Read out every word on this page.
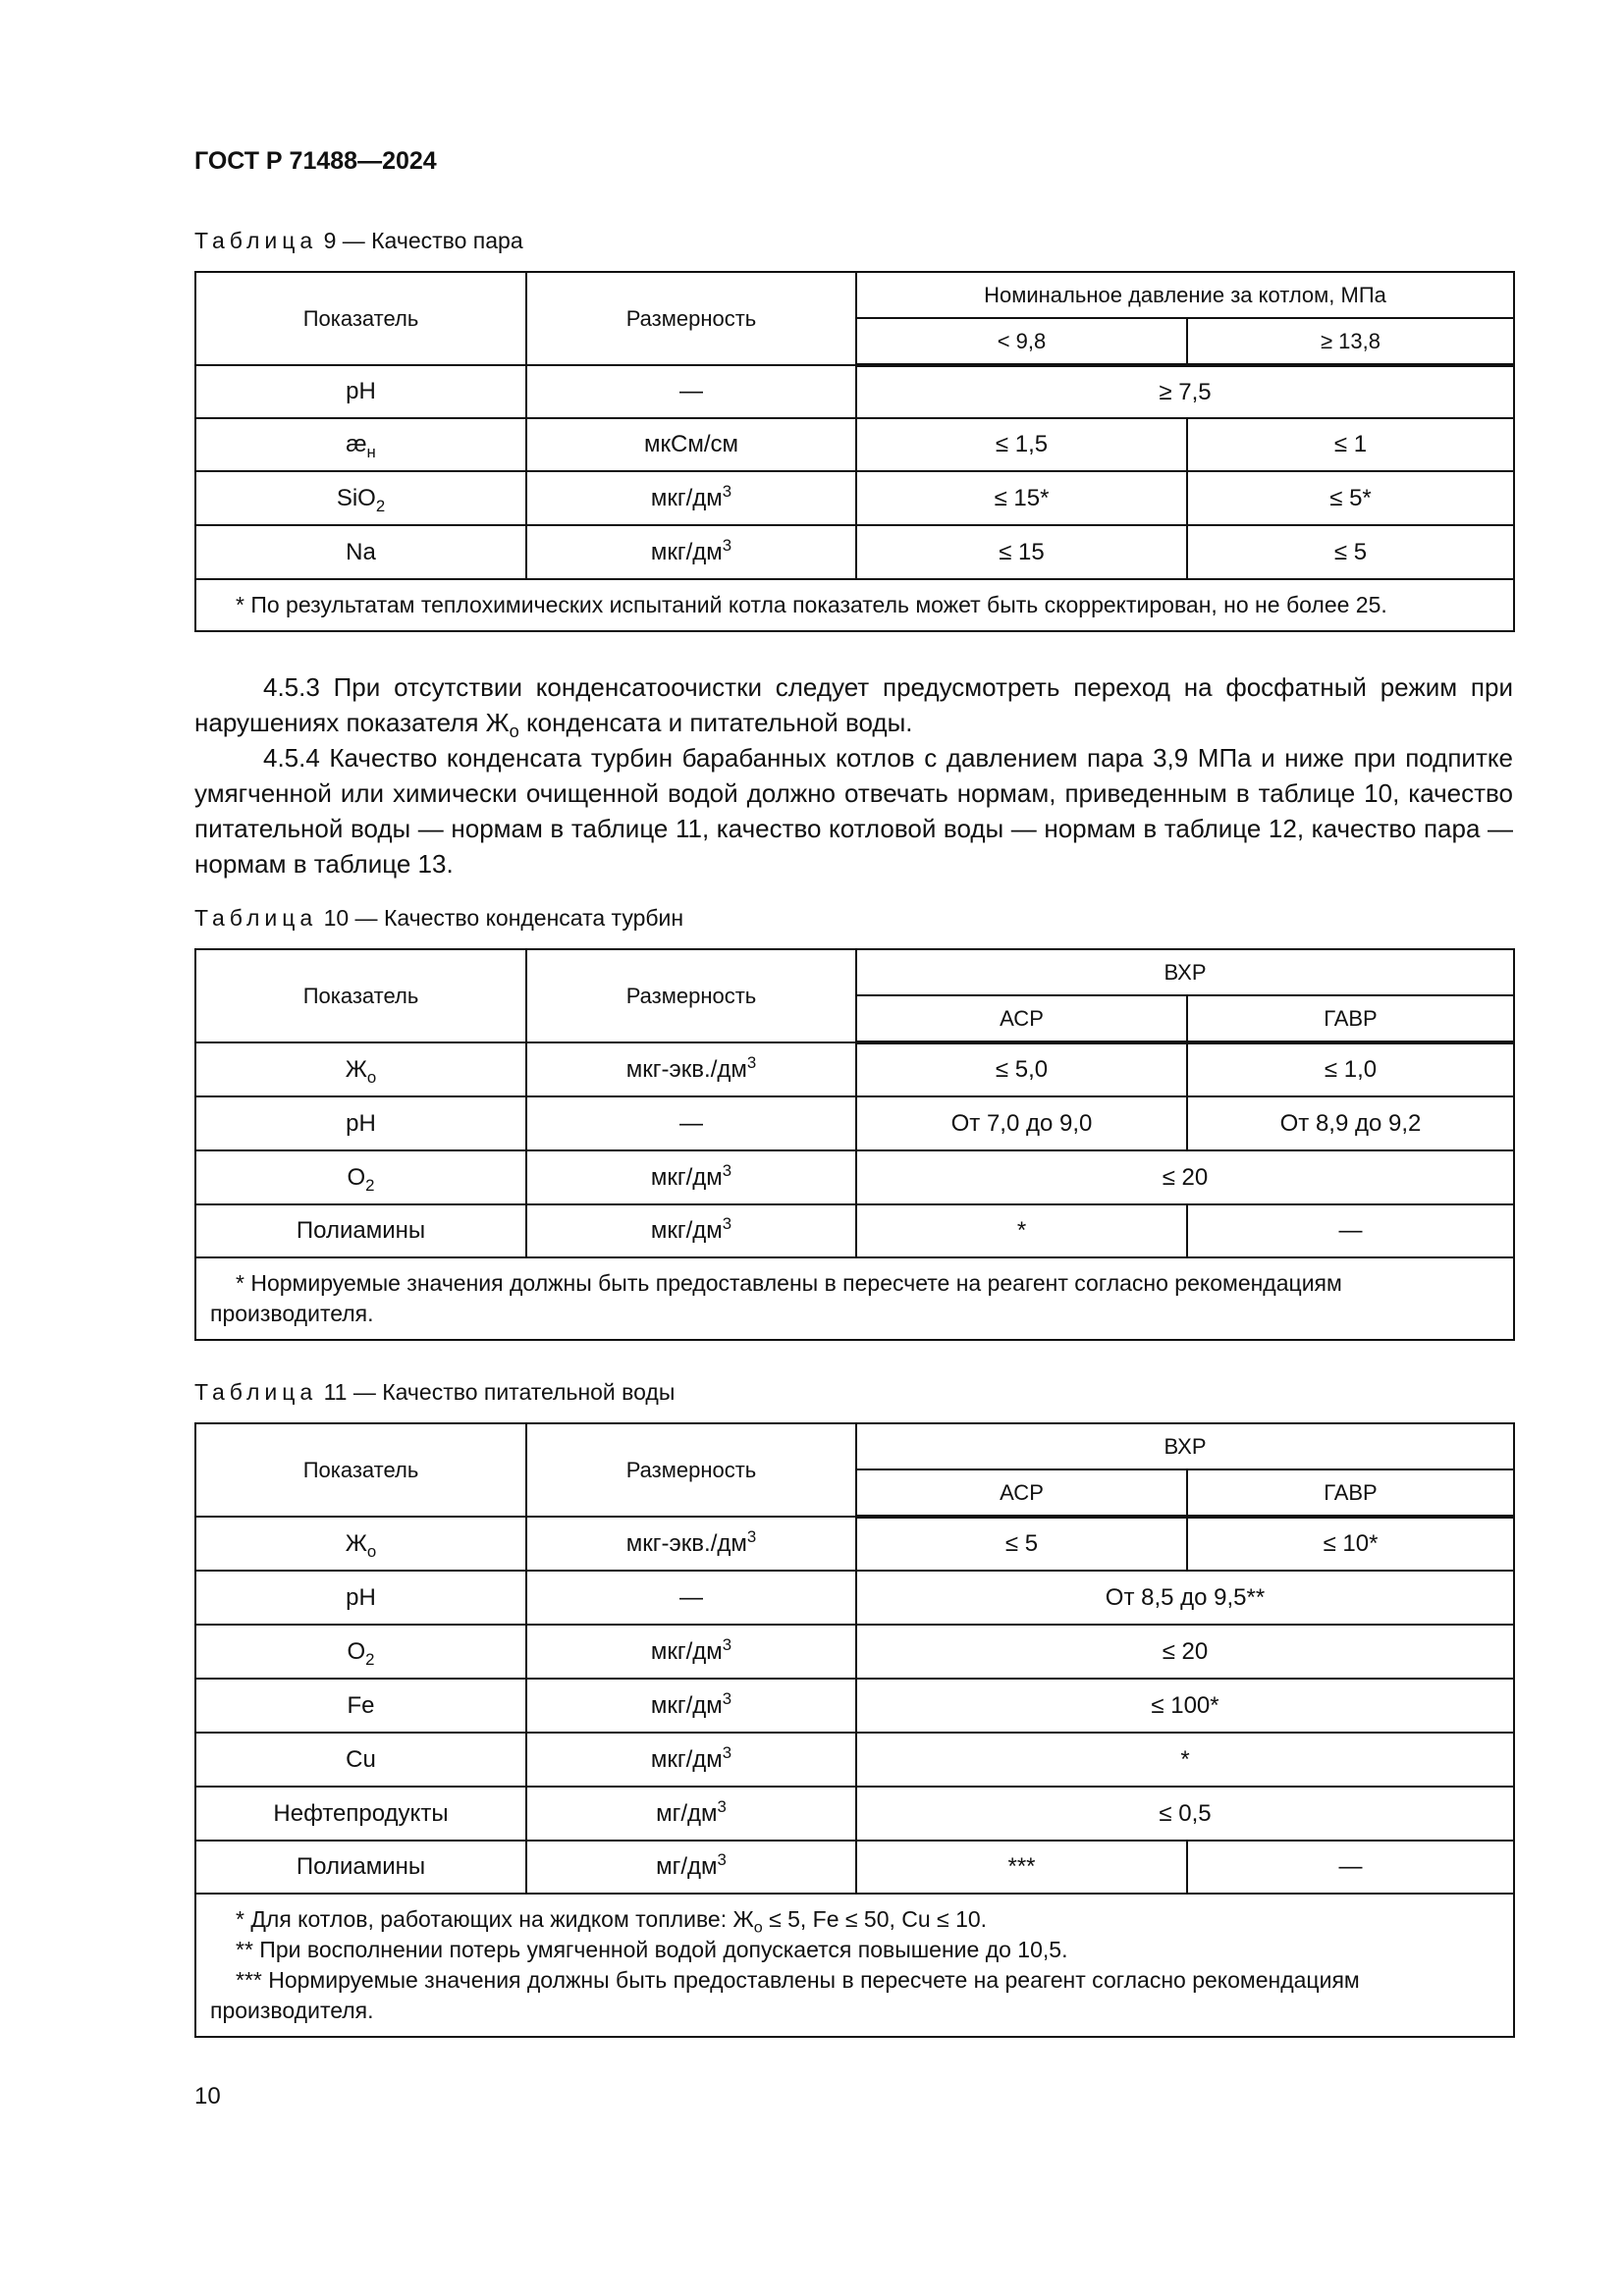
ГОСТ Р 71488—2024
Таблица 9 — Качество пара
Показатель	Размерность	Номинальное давление за котлом, МПа	
		< 9,8	≥ 13,8
pH	—	≥ 7,5	
$æ_н$	мкСм/см	≤ 1,5	≤ 1
SiO$_2$	мкг/$дм^3$	≤ 15*	≤ 5*
Na	мкг/$дм^3$	≤ 15	≤ 5
* По результатам теплохимических испытаний котла показатель может быть скорректирован, но не более 25.			

4.5.3 При отсутствии конденсатоочистки следует предусмотреть переход на фосфатный режим при нарушениях показателя $Ж_о$ конденсата и питательной воды.

4.5.4 Качество конденсата турбин барабанных котлов с давлением пара 3,9 МПа и ниже при подпитке умягченной или химически очищенной водой должно отвечать нормам, приведенным в таблице 10, качество питательной воды — нормам в таблице 11, качество котловой воды — нормам в таблице 12, качество пара — нормам в таблице 13.

Таблица 10 — Качество конденсата турбин
Показатель	Размерность	ВХР	
		АСР	ГАВР
$Ж_о$	мкг-$экв./дм^3$	≤ 5,0	≤ 1,0
pH	—	От 7,0 до 9,0	От 8,9 до 9,2
$O_2$	мкг/$дм^3$	≤ 20	
Полиамины	мкг/$дм^3$	*	—
* Нормируемые значения должны быть предоставлены в пересчете на реагент согласно рекомендациям производителя.			
Таблица 11 — Качество питательной воды
Показатель	Размерность	ВХР	
		АСР	ГАВР
$Ж_о$	мкг-$экв./дм^3$	≤ 5	≤ 10*
pH	—	От 8,5 до 9,5**	
$O_2$	мкг/$дм^3$	≤ 20	
Fe	мкг/$дм^3$	≤ 100*	
Cu	мкг/$дм^3$	*	
Нефтепродукты	$мг/дм^3$	≤ 0,5	
Полиамины	$мг/дм^3$	***	—

* Для котлов, работающих на жидком топливе: $Ж_о \le 5$, Fe ≤ 50, Cu ≤ 10.
** При восполнении потерь умягченной водой допускается повышение до 10,5.
*** Нормируемые значения должны быть предоставлены в пересчете на реагент согласно рекомендациям производителя.			
10
